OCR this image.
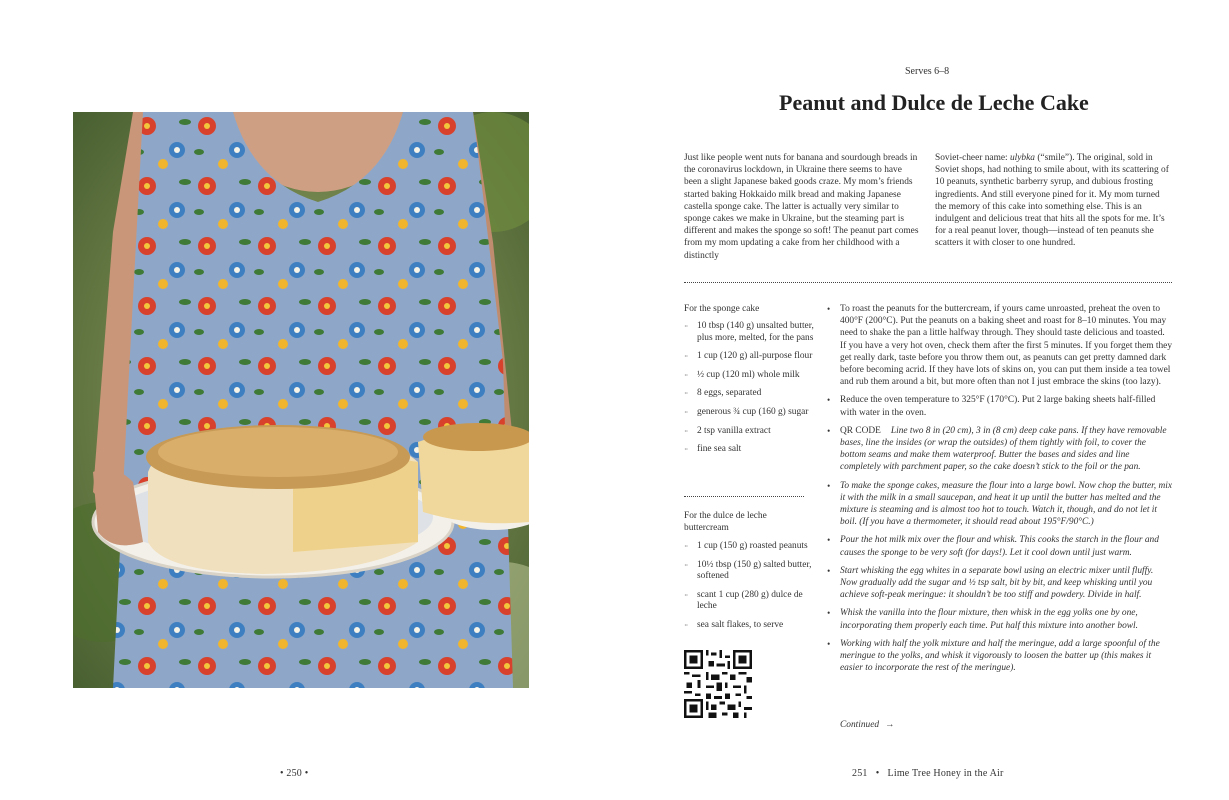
• 250 •
Serves 6–8
Peanut and Dulce de Leche Cake

Just like people went nuts for banana and sourdough breads in the coronavirus lockdown, in Ukraine there seems to have been a slight Japanese baked goods craze. My mom’s friends started baking Hokkaido milk bread and making Japanese castella sponge cake. The latter is actually very similar to sponge cakes we make in Ukraine, but the steaming part is different and makes the sponge so soft! The peanut part comes from my mom updating a cake from her childhood with a distinctly

Soviet-cheer name: ulybka (“smile”). The original, sold in Soviet shops, had nothing to smile about, with its scattering of 10 peanuts, synthetic barberry syrup, and dubious frosting ingredients. And still everyone pined for it. My mom turned the memory of this cake into something else. This is an indulgent and delicious treat that hits all the spots for me. It’s for a real peanut lover, though—instead of ten peanuts she scatters it with closer to one hundred.

For the sponge cake
·· 10 tbsp (140 g) unsalted butter, plus more, melted, for the pans
·· 1 cup (120 g) all-purpose flour
·· ½ cup (120 ml) whole milk
·· 8 eggs, separated
·· generous ¾ cup (160 g) sugar
·· 2 tsp vanilla extract
·· fine sea salt
For the dulce de leche buttercream
·· 1 cup (150 g) roasted peanuts
·· 10½ tbsp (150 g) salted butter, softened
·· scant 1 cup (280 g) dulce de leche
·· sea salt flakes, to serve
• To roast the peanuts for the buttercream, if yours came unroasted, preheat the oven to 400°F (200°C). Put the peanuts on a baking sheet and roast for 8–10 minutes. You may need to shake the pan a little halfway through. They should taste delicious and toasted. If you have a very hot oven, check them after the first 5 minutes. If you forget them they get really dark, taste before you throw them out, as peanuts can get pretty damned dark before becoming acrid. If they have lots of skins on, you can put them inside a tea towel and rub them around a bit, but more often than not I just embrace the skins (too lazy).
• Reduce the oven temperature to 325°F (170°C). Put 2 large baking sheets half-filled with water in the oven.
• QR CODE Line two 8 in (20 cm), 3 in (8 cm) deep cake pans. If they have removable bases, line the insides (or wrap the outsides) of them tightly with foil, to cover the bottom seams and make them waterproof. Butter the bases and sides and line completely with parchment paper, so the cake doesn’t stick to the foil or the pan.
• To make the sponge cakes, measure the flour into a large bowl. Now chop the butter, mix it with the milk in a small saucepan, and heat it up until the butter has melted and the mixture is steaming and is almost too hot to touch. Watch it, though, and do not let it boil. (If you have a thermometer, it should read about 195°F/90°C.)
• Pour the hot milk mix over the flour and whisk. This cooks the starch in the flour and causes the sponge to be very soft (for days!). Let it cool down until just warm.
• Start whisking the egg whites in a separate bowl using an electric mixer until fluffy. Now gradually add the sugar and ½ tsp salt, bit by bit, and keep whisking until you achieve soft-peak meringue: it shouldn’t be too stiff and powdery. Divide in half.
• Whisk the vanilla into the flour mixture, then whisk in the egg yolks one by one, incorporating them properly each time. Put half this mixture into another bowl.
• Working with half the yolk mixture and half the meringue, add a large spoonful of the meringue to the yolks, and whisk it vigorously to loosen the batter up (this makes it easier to incorporate the rest of the meringue).
Continued →
251 • Lime Tree Honey in the Air
